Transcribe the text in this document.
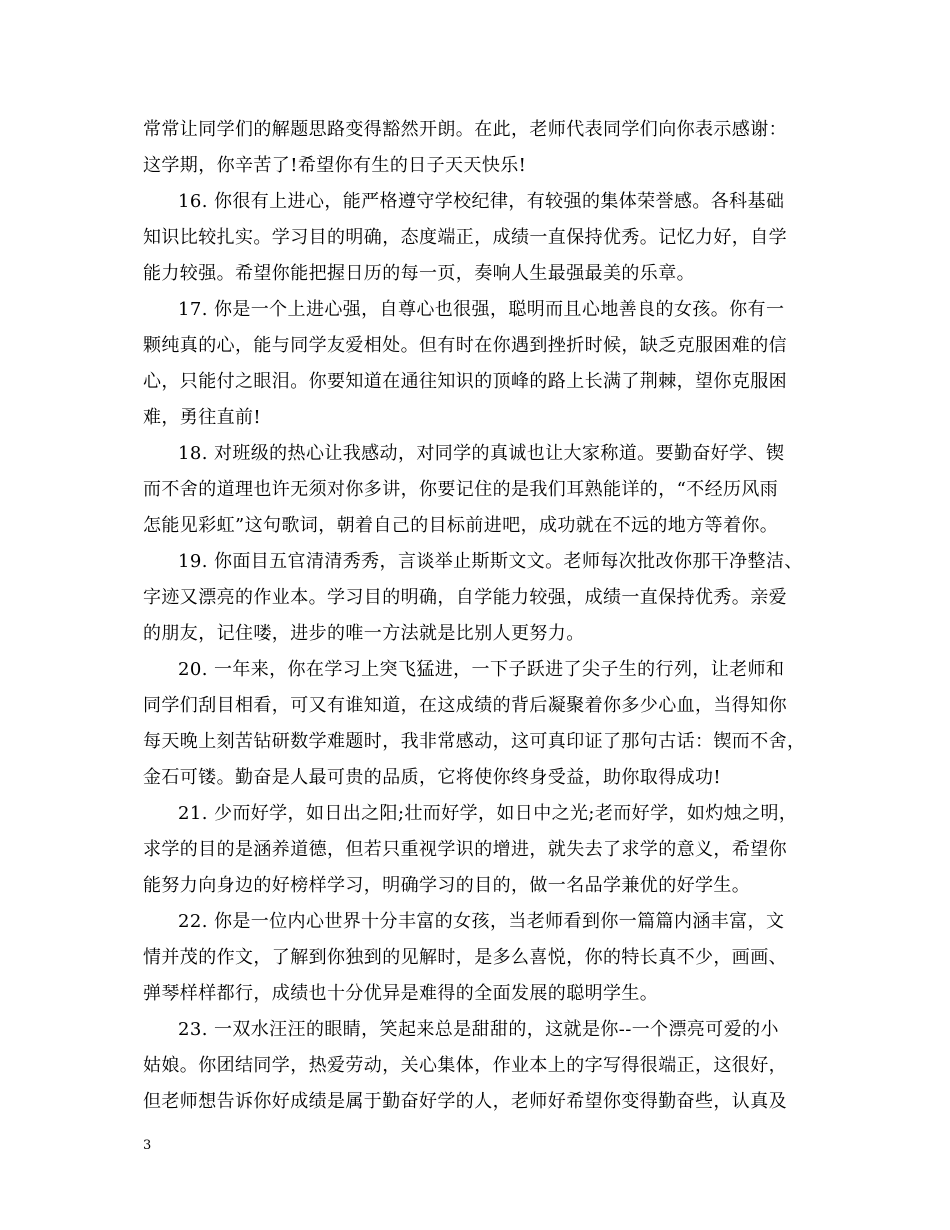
常常让同学们的解题思路变得豁然开朗。在此，老师代表同学们向你表示感谢：
这学期，你辛苦了!希望你有生的日子天天快乐!
16. 你很有上进心，能严格遵守学校纪律，有较强的集体荣誉感。各科基础
知识比较扎实。学习目的明确，态度端正，成绩一直保持优秀。记忆力好，自学
能力较强。希望你能把握日历的每一页，奏响人生最强最美的乐章。
17. 你是一个上进心强，自尊心也很强，聪明而且心地善良的女孩。你有一
颗纯真的心，能与同学友爱相处。但有时在你遇到挫折时候，缺乏克服困难的信
心，只能付之眼泪。你要知道在通往知识的顶峰的路上长满了荆棘，望你克服困
难，勇往直前!
18. 对班级的热心让我感动，对同学的真诚也让大家称道。要勤奋好学、锲
而不舍的道理也许无须对你多讲，你要记住的是我们耳熟能详的，“不经历风雨
怎能见彩虹”这句歌词，朝着自己的目标前进吧，成功就在不远的地方等着你。
19. 你面目五官清清秀秀，言谈举止斯斯文文。老师每次批改你那干净整洁、
字迹又漂亮的作业本。学习目的明确，自学能力较强，成绩一直保持优秀。亲爱
的朋友，记住喽，进步的唯一方法就是比别人更努力。
20. 一年来，你在学习上突飞猛进，一下子跃进了尖子生的行列，让老师和
同学们刮目相看，可又有谁知道，在这成绩的背后凝聚着你多少心血，当得知你
每天晚上刻苦钻研数学难题时，我非常感动，这可真印证了那句古话：锲而不舍，
金石可镂。勤奋是人最可贵的品质，它将使你终身受益，助你取得成功!
21. 少而好学，如日出之阳;壮而好学，如日中之光;老而好学，如灼烛之明，
求学的目的是涵养道德，但若只重视学识的增进，就失去了求学的意义，希望你
能努力向身边的好榜样学习，明确学习的目的，做一名品学兼优的好学生。
22. 你是一位内心世界十分丰富的女孩，当老师看到你一篇篇内涵丰富，文
情并茂的作文，了解到你独到的见解时，是多么喜悦，你的特长真不少，画画、
弹琴样样都行，成绩也十分优异是难得的全面发展的聪明学生。
23. 一双水汪汪的眼睛，笑起来总是甜甜的，这就是你--一个漂亮可爱的小
姑娘。你团结同学，热爱劳动，关心集体，作业本上的字写得很端正，这很好，
但老师想告诉你好成绩是属于勤奋好学的人，老师好希望你变得勤奋些，认真及
3
